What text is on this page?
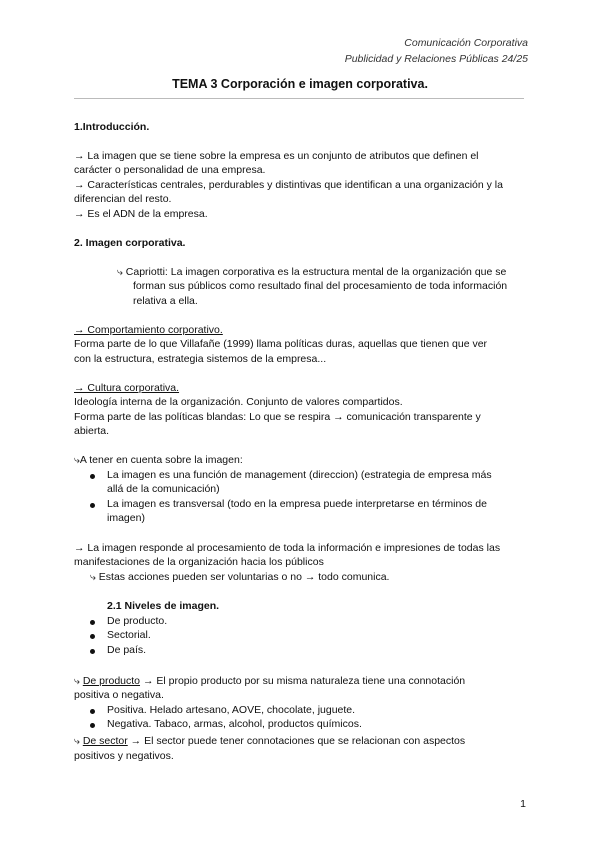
Comunicación Corporativa
Publicidad y Relaciones Públicas 24/25
TEMA 3 Corporación e imagen corporativa.
1.Introducción.
→ La imagen que se tiene sobre la empresa es un conjunto de atributos que definen el
carácter o personalidad de una empresa.
→ Características centrales, perdurables y distintivas que identifican a una organización y la
diferencian del resto.
→ Es el ADN de la empresa.
2. Imagen corporativa.
⤷ Capriotti: La imagen corporativa es la estructura mental de la organización que se
forman sus públicos como resultado final del procesamiento de toda información
relativa a ella.
→ Comportamiento corporativo.
Forma parte de lo que Villafañe (1999) llama políticas duras, aquellas que tienen que ver
con la estructura, estrategia sistemos de la empresa...
→ Cultura corporativa.
Ideología interna de la organización. Conjunto de valores compartidos.
Forma parte de las políticas blandas: Lo que se respira → comunicación transparente y
abierta.
⤷A tener en cuenta sobre la imagen:
La imagen es una función de management (direccion) (estrategia de empresa más
allá de la comunicación)
La imagen es transversal (todo en la empresa puede interpretarse en términos de
imagen)
→ La imagen responde al procesamiento de toda la información e impresiones de todas las
manifestaciones de la organización hacia los públicos
⤷ Estas acciones pueden ser voluntarias o no → todo comunica.
2.1 Niveles de imagen.
De producto.
Sectorial.
De país.
⤷ De producto → El propio producto por su misma naturaleza tiene una connotación
positiva o negativa.
Positiva. Helado artesano, AOVE, chocolate, juguete.
Negativa. Tabaco, armas, alcohol, productos químicos.
⤷ De sector → El sector puede tener connotaciones que se relacionan con aspectos
positivos y negativos.
1
